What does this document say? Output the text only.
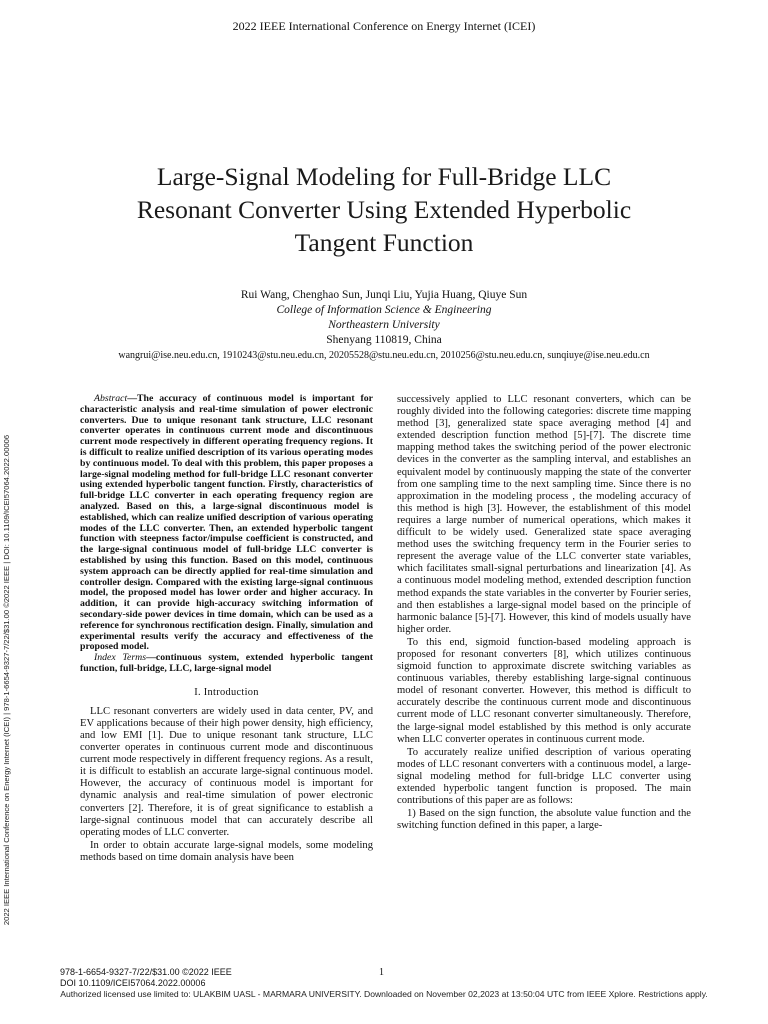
2022 IEEE International Conference on Energy Internet (ICEI)
Large-Signal Modeling for Full-Bridge LLC
Resonant Converter Using Extended Hyperbolic
Tangent Function
Rui Wang, Chenghao Sun, Junqi Liu, Yujia Huang, Qiuye Sun
College of Information Science & Engineering
Northeastern University
Shenyang 110819, China
wangrui@ise.neu.edu.cn, 1910243@stu.neu.edu.cn, 20205528@stu.neu.edu.cn, 2010256@stu.neu.edu.cn, sunqiuye@ise.neu.edu.cn
2022 IEEE International Conference on Energy Internet (ICEI) | 978-1-6654-9327-7/22/$31.00 ©2022 IEEE | DOI: 10.1109/ICEI57064.2022.00006

Abstract—The accuracy of continuous model is important for characteristic analysis and real-time simulation of power electronic converters. Due to unique resonant tank structure, LLC resonant converter operates in continuous current mode and discontinuous current mode respectively in different operating frequency regions. It is difficult to realize unified description of its various operating modes by continuous model. To deal with this problem, this paper proposes a large-signal modeling method for full-bridge LLC resonant converter using extended hyperbolic tangent function. Firstly, characteristics of full-bridge LLC converter in each operating frequency region are analyzed. Based on this, a large-signal discontinuous model is established, which can realize unified description of various operating modes of the LLC converter. Then, an extended hyperbolic tangent function with steepness factor/impulse coefficient is constructed, and the large-signal continuous model of full-bridge LLC converter is established by using this function. Based on this model, continuous system approach can be directly applied for real-time simulation and controller design. Compared with the existing large-signal continuous model, the proposed model has lower order and higher accuracy. In addition, it can provide high-accuracy switching information of secondary-side power devices in time domain, which can be used as a reference for synchronous rectification design. Finally, simulation and experimental results verify the accuracy and effectiveness of the proposed model.

Index Terms—continuous system, extended hyperbolic tangent function, full-bridge, LLC, large-signal model

I. Introduction

LLC resonant converters are widely used in data center, PV, and EV applications because of their high power density, high efficiency, and low EMI [1]. Due to unique resonant tank structure, LLC converter operates in continuous current mode and discontinuous current mode respectively in different frequency regions. As a result, it is difficult to establish an accurate large-signal continuous model. However, the accuracy of continuous model is important for dynamic analysis and real-time simulation of power electronic converters [2]. Therefore, it is of great significance to establish a large-signal continuous model that can accurately describe all operating modes of LLC converter.

In order to obtain accurate large-signal models, some modeling methods based on time domain analysis have been

successively applied to LLC resonant converters, which can be roughly divided into the following categories: discrete time mapping method [3], generalized state space averaging method [4] and extended description function method [5]-[7]. The discrete time mapping method takes the switching period of the power electronic devices in the converter as the sampling interval, and establishes an equivalent model by continuously mapping the state of the converter from one sampling time to the next sampling time. Since there is no approximation in the modeling process , the modeling accuracy of this method is high [3]. However, the establishment of this model requires a large number of numerical operations, which makes it difficult to be widely used. Generalized state space averaging method uses the switching frequency term in the Fourier series to represent the average value of the LLC converter state variables, which facilitates small-signal perturbations and linearization [4]. As a continuous model modeling method, extended description function method expands the state variables in the converter by Fourier series, and then establishes a large-signal model based on the principle of harmonic balance [5]-[7]. However, this kind of models usually have higher order.

To this end, sigmoid function-based modeling approach is proposed for resonant converters [8], which utilizes continuous sigmoid function to approximate discrete switching variables as continuous variables, thereby establishing large-signal continuous model of resonant converter. However, this method is difficult to accurately describe the continuous current mode and discontinuous current mode of LLC resonant converter simultaneously. Therefore, the large-signal model established by this method is only accurate when LLC converter operates in continuous current mode.

To accurately realize unified description of various operating modes of LLC resonant converters with a continuous model, a large-signal modeling method for full-bridge LLC converter using extended hyperbolic tangent function is proposed. The main contributions of this paper are as follows:

1) Based on the sign function, the absolute value function and the switching function defined in this paper, a large-

978-1-6654-9327-7/22/$31.00 ©2022 IEEE
DOI 10.1109/ICEI57064.2022.00006
1
Authorized licensed use limited to: ULAKBIM UASL - MARMARA UNIVERSITY. Downloaded on November 02,2023 at 13:50:04 UTC from IEEE Xplore. Restrictions apply.
